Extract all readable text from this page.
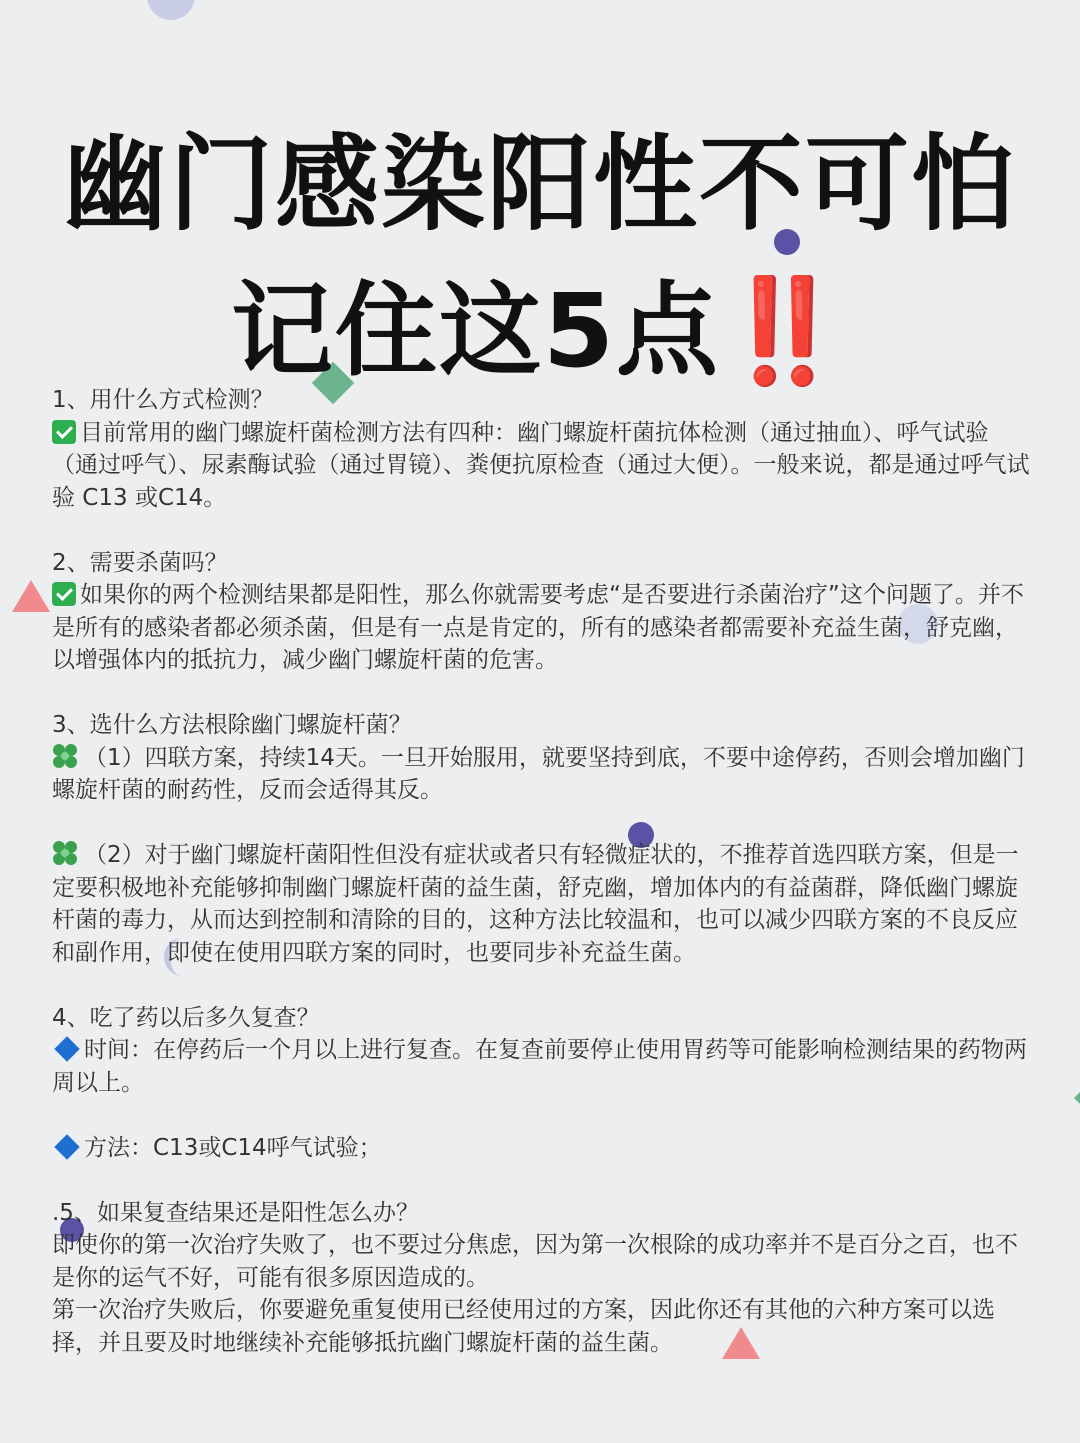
幽门感染阳性不可怕
记住这5点‼️

1、用什么方式检测？

目前常用的幽门螺旋杆菌检测方法有四种：幽门螺旋杆菌抗体检测（通过抽血）、呼气试验（通过呼气）、尿素酶试验（通过胃镜）、粪便抗原检查（通过大便）。一般来说，都是通过呼气试验 C13 或C14。

2、需要杀菌吗？

如果你的两个检测结果都是阳性，那么你就需要考虑“是否要进行杀菌治疗”这个问题了。并不是所有的感染者都必须杀菌，但是有一点是肯定的，所有的感染者都需要补充益生菌，舒克幽，以增强体内的抵抗力，减少幽门螺旋杆菌的危害。

3、选什么方法根除幽门螺旋杆菌？

（1）四联方案，持续14天。一旦开始服用，就要坚持到底，不要中途停药，否则会增加幽门螺旋杆菌的耐药性，反而会适得其反。

（2）对于幽门螺旋杆菌阳性但没有症状或者只有轻微症状的，不推荐首选四联方案，但是一定要积极地补充能够抑制幽门螺旋杆菌的益生菌，舒克幽，增加体内的有益菌群，降低幽门螺旋杆菌的毒力，从而达到控制和清除的目的，这种方法比较温和，也可以减少四联方案的不良反应和副作用，即使在使用四联方案的同时，也要同步补充益生菌。

4、吃了药以后多久复查？

时间：在停药后一个月以上进行复查。在复查前要停止使用胃药等可能影响检测结果的药物两周以上。

方法：C13或C14呼气试验；

.5、如果复查结果还是阳性怎么办？

即使你的第一次治疗失败了，也不要过分焦虑，因为第一次根除的成功率并不是百分之百，也不是你的运气不好，可能有很多原因造成的。

第一次治疗失败后，你要避免重复使用已经使用过的方案，因此你还有其他的六种方案可以选择，并且要及时地继续补充能够抵抗幽门螺旋杆菌的益生菌。
